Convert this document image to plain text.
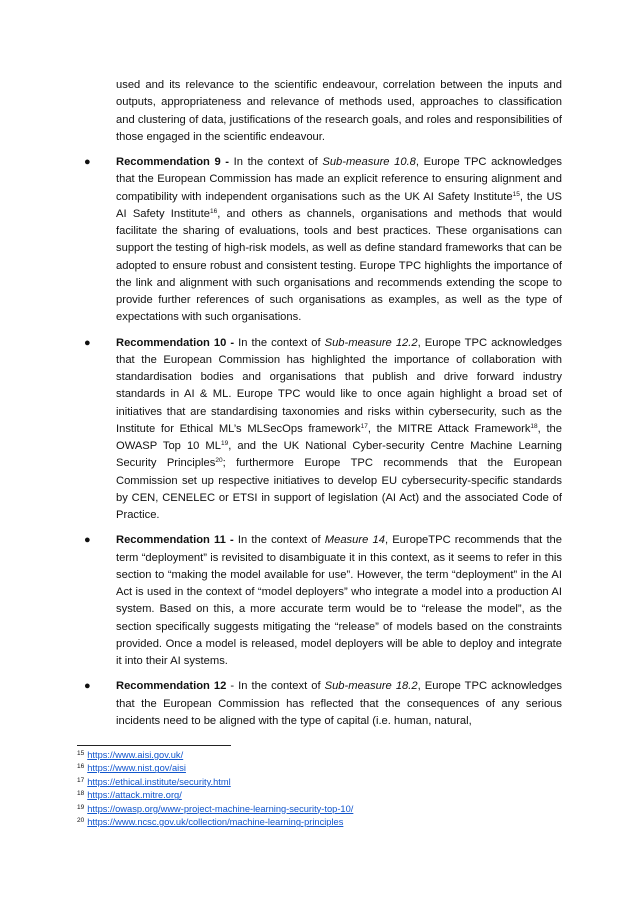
used and its relevance to the scientific endeavour, correlation between the inputs and outputs, appropriateness and relevance of methods used, approaches to classification and clustering of data, justifications of the research goals, and roles and responsibilities of those engaged in the scientific endeavour.

● Recommendation 9 - In the context of Sub-measure 10.8, Europe TPC acknowledges that the European Commission has made an explicit reference to ensuring alignment and compatibility with independent organisations such as the UK AI Safety Institute$^{15}$, the US AI Safety Institute$^{16}$, and others as channels, organisations and methods that would facilitate the sharing of evaluations, tools and best practices. These organisations can support the testing of high-risk models, as well as define standard frameworks that can be adopted to ensure robust and consistent testing. Europe TPC highlights the importance of the link and alignment with such organisations and recommends extending the scope to provide further references of such organisations as examples, as well as the type of expectations with such organisations.

● Recommendation 10 - In the context of Sub-measure 12.2, Europe TPC acknowledges that the European Commission has highlighted the importance of collaboration with standardisation bodies and organisations that publish and drive forward industry standards in AI & ML. Europe TPC would like to once again highlight a broad set of initiatives that are standardising taxonomies and risks within cybersecurity, such as the Institute for Ethical ML’s MLSecOps framework$^{17}$, the MITRE Attack Framework$^{18}$, the OWASP Top 10 ML$^{19}$, and the UK National Cyber-security Centre Machine Learning Security Principles$^{20}$; furthermore Europe TPC recommends that the European Commission set up respective initiatives to develop EU cybersecurity-specific standards by CEN, CENELEC or ETSI in support of legislation (AI Act) and the associated Code of Practice.

● Recommendation 11 - In the context of Measure 14, EuropeTPC recommends that the term “deployment” is revisited to disambiguate it in this context, as it seems to refer in this section to “making the model available for use”. However, the term “deployment” in the AI Act is used in the context of “model deployers” who integrate a model into a production AI system. Based on this, a more accurate term would be to “release the model”, as the section specifically suggests mitigating the “release” of models based on the constraints provided. Once a model is released, model deployers will be able to deploy and integrate it into their AI systems.

● Recommendation 12 - In the context of Sub-measure 18.2, Europe TPC acknowledges that the European Commission has reflected that the consequences of any serious incidents need to be aligned with the type of capital (i.e. human, natural,

$^{15}$ https://www.aisi.gov.uk/
$^{16}$ https://www.nist.gov/aisi
$^{17}$ https://ethical.institute/security.html
$^{18}$ https://attack.mitre.org/
$^{19}$ https://owasp.org/www-project-machine-learning-security-top-10/
$^{20}$ https://www.ncsc.gov.uk/collection/machine-learning-principles
